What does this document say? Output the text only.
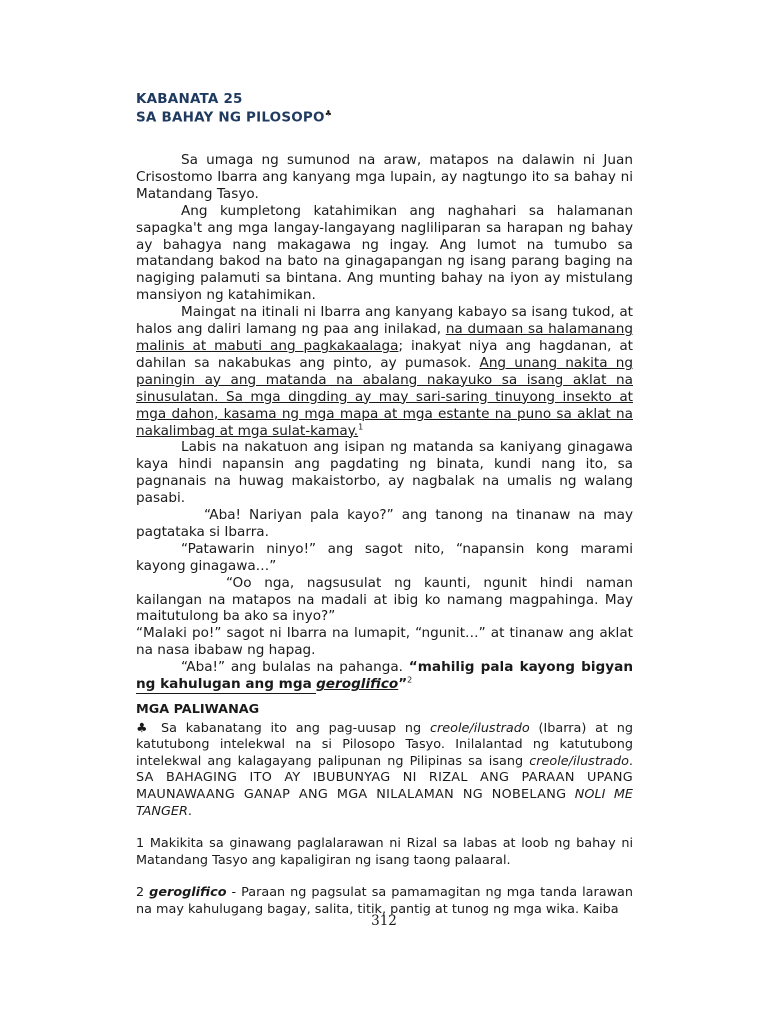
KABANATA 25
SA BAHAY NG PILOSOPO♣

Sa umaga ng sumunod na araw, matapos na dalawin ni Juan Crisostomo Ibarra ang kanyang mga lupain, ay nagtungo ito sa bahay ni Matandang Tasyo.

Ang kumpletong katahimikan ang naghahari sa halamanan sapagka't ang mga langay-langayang nagliliparan sa harapan ng bahay ay bahagya nang makagawa ng ingay. Ang lumot na tumubo sa matandang bakod na bato na ginagapangan ng isang parang baging na nagiging palamuti sa bintana. Ang munting bahay na iyon ay mistulang mansiyon ng katahimikan.

Maingat na itinali ni Ibarra ang kanyang kabayo sa isang tukod, at halos ang daliri lamang ng paa ang inilakad, na dumaan sa halamanang malinis at mabuti ang pagkakaalaga; inakyat niya ang hagdanan, at dahilan sa nakabukas ang pinto, ay pumasok. Ang unang nakita ng paningin ay ang matanda na abalang nakayuko sa isang aklat na sinusulatan. Sa mga dingding ay may sari-saring tinuyong insekto at mga dahon, kasama ng mga mapa at mga estante na puno sa aklat na nakalimbag at mga sulat-kamay.$^1$

Labis na nakatuon ang isipan ng matanda sa kaniyang ginagawa kaya hindi napansin ang pagdating ng binata, kundi nang ito, sa pagnanais na huwag makaistorbo, ay nagbalak na umalis ng walang pasabi.

“Aba! Nariyan pala kayo?” ang tanong na tinanaw na may pagtataka si Ibarra.

“Patawarin ninyo!” ang sagot nito, “napansin kong marami kayong ginagawa…”

“Oo nga, nagsusulat ng kaunti, ngunit hindi naman kailangan na matapos na madali at ibig ko namang magpahinga. May maitutulong ba ako sa inyo?”

“Malaki po!” sagot ni Ibarra na lumapit, “ngunit…” at tinanaw ang aklat na nasa ibabaw ng hapag.

“Aba!” ang bulalas na pahanga. “mahilig pala kayong bigyan ng kahulugan ang mga geroglifico”$^2$

MGA PALIWANAG

♣ Sa kabanatang ito ang pag-uusap ng creole/ilustrado (Ibarra) at ng katutubong intelekwal na si Pilosopo Tasyo. Inilalantad ng katutubong intelekwal ang kalagayang palipunan ng Pilipinas sa isang creole/ilustrado. SA BAHAGING ITO AY IBUBUNYAG NI RIZAL ANG PARAAN UPANG MAUNAWAANG GANAP ANG MGA NILALAMAN NG NOBELANG NOLI ME TANGER.

1 Makikita sa ginawang paglalarawan ni Rizal sa labas at loob ng bahay ni Matandang Tasyo ang kapaligiran ng isang taong palaaral.

2 geroglifico - Paraan ng pagsulat sa pamamagitan ng mga tanda larawan na may kahulugang bagay, salita, titik, pantig at tunog ng mga wika. Kaiba

312
